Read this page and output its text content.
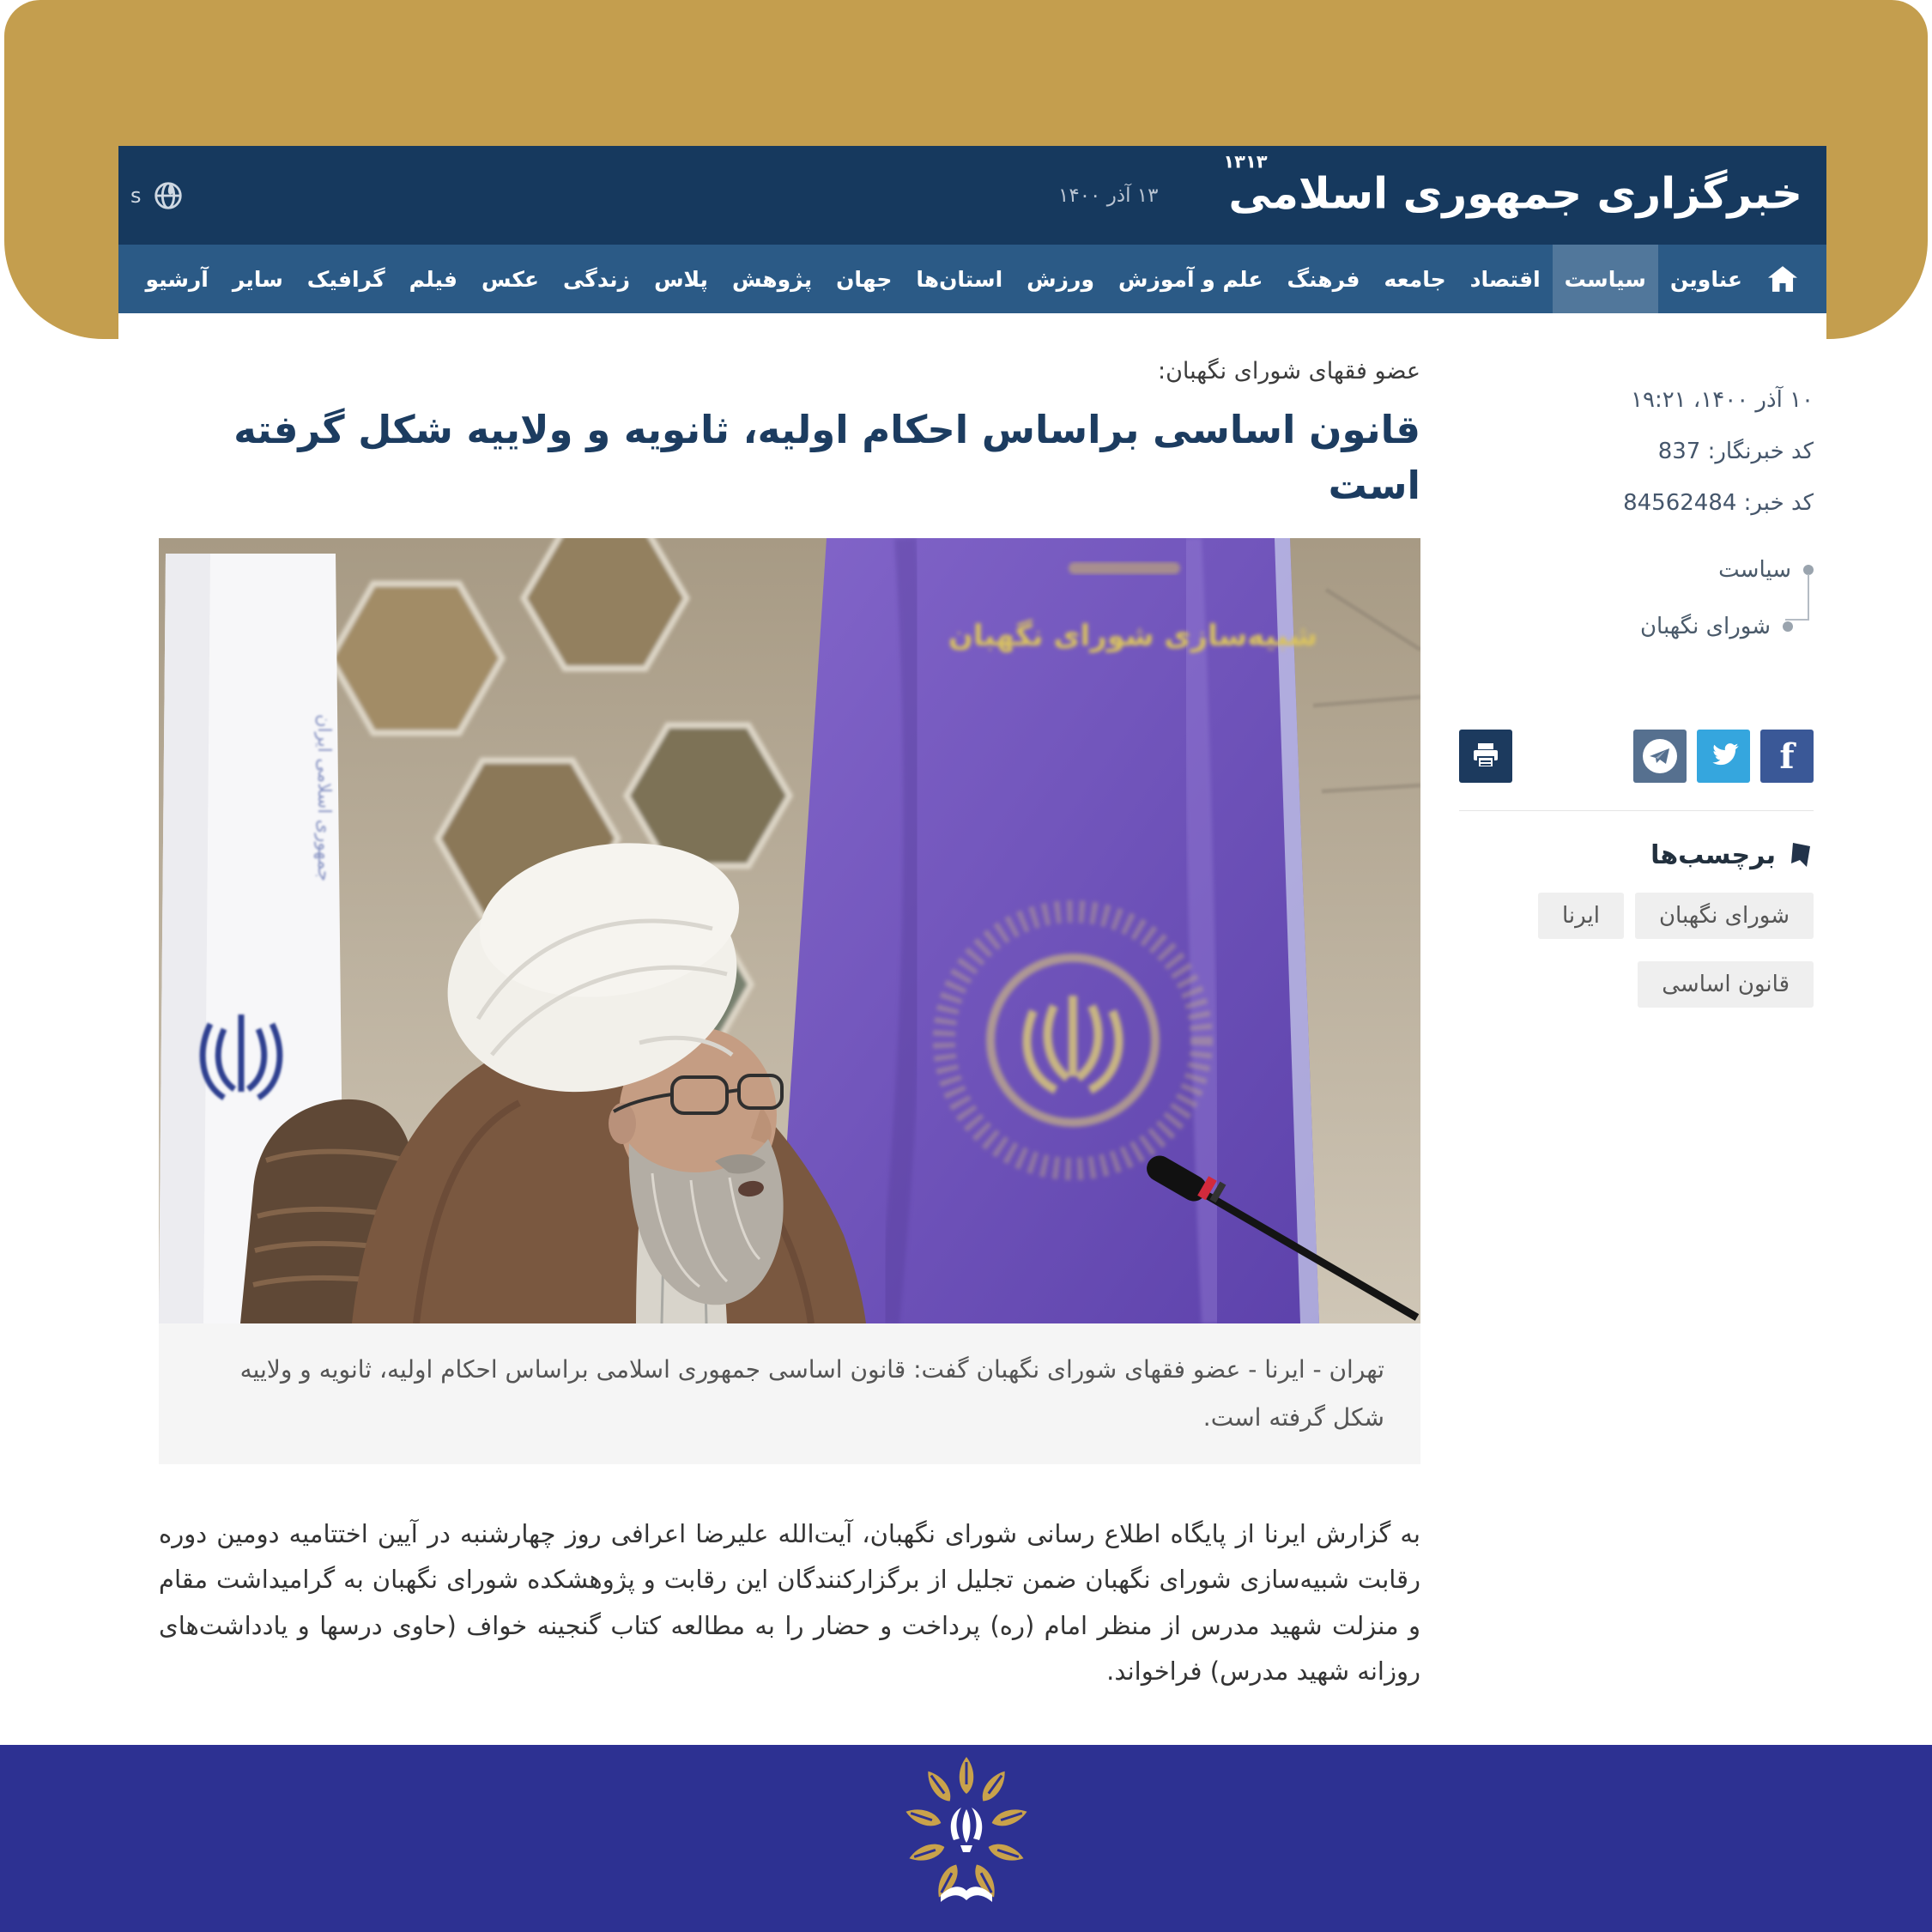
خبرگزاری جمهوری اسلامی
۱۳۱۳
۱۳ آذر ۱۴۰۰
s
عناوین
سیاست
اقتصاد
جامعه
فرهنگ
علم و آموزش
ورزش
استان‌ها
جهان
پژوهش
پلاس
زندگی
عکس
فیلم
گرافیک
سایر
آرشیو
۱۰ آذر ۱۴۰۰، ۱۹:۲۱
کد خبرنگار: 837
کد خبر: 84562484
سیاست
شورای نگهبان
f
برچسب‌ها
شورای نگهبان
ایرنا
قانون اساسی

عضو فقهای شورای نگهبان:

قانون اساسی براساس احکام اولیه، ثانویه و ولاییه شکل گرفته است
جمهوری اسلامی ایران
شبیه‌سازی شورای نگهبان

تهران - ایرنا - عضو فقهای شورای نگهبان گفت: قانون اساسی جمهوری اسلامی براساس احکام اولیه، ثانویه و ولاییه شکل گرفته است.

به گزارش ایرنا از پایگاه اطلاع رسانی شورای نگهبان، آیت‌الله علیرضا اعرافی روز چهارشنبه در آیین اختتامیه دومین دوره رقابت شبیه‌سازی شورای نگهبان ضمن تجلیل از برگزارکنندگان این رقابت و پژوهشکده شورای نگهبان به گرامیداشت مقام و منزلت شهید مدرس از منظر امام (ره) پرداخت و حضار را به مطالعه کتاب گنجینه خواف (حاوی درسها و یادداشت‌های روزانه شهید مدرس) فراخواند.
